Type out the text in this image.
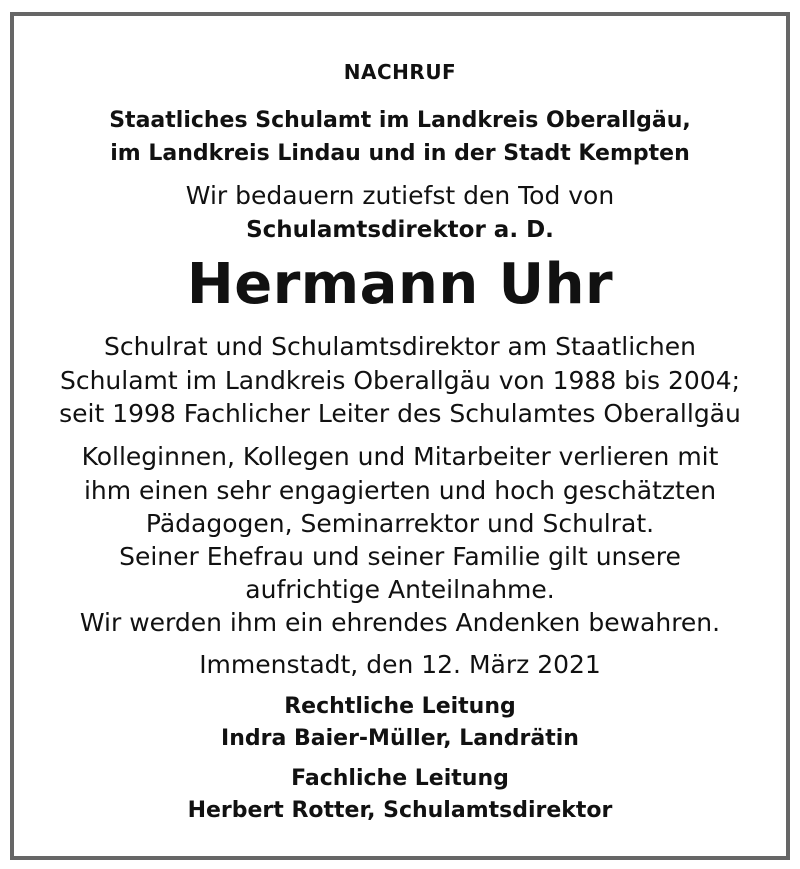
NACHRUF
Staatliches Schulamt im Landkreis Oberallgäu,
im Landkreis Lindau und in der Stadt Kempten
Wir bedauern zutiefst den Tod von
Schulamtsdirektor a. D.
Hermann Uhr
Schulrat und Schulamtsdirektor am Staatlichen
Schulamt im Landkreis Oberallgäu von 1988 bis 2004;
seit 1998 Fachlicher Leiter des Schulamtes Oberallgäu
Kolleginnen, Kollegen und Mitarbeiter verlieren mit
ihm einen sehr engagierten und hoch geschätzten
Pädagogen, Seminarrektor und Schulrat.
Seiner Ehefrau und seiner Familie gilt unsere
aufrichtige Anteilnahme.
Wir werden ihm ein ehrendes Andenken bewahren.
Immenstadt, den 12. März 2021
Rechtliche Leitung
Indra Baier-Müller, Landrätin
Fachliche Leitung
Herbert Rotter, Schulamtsdirektor
